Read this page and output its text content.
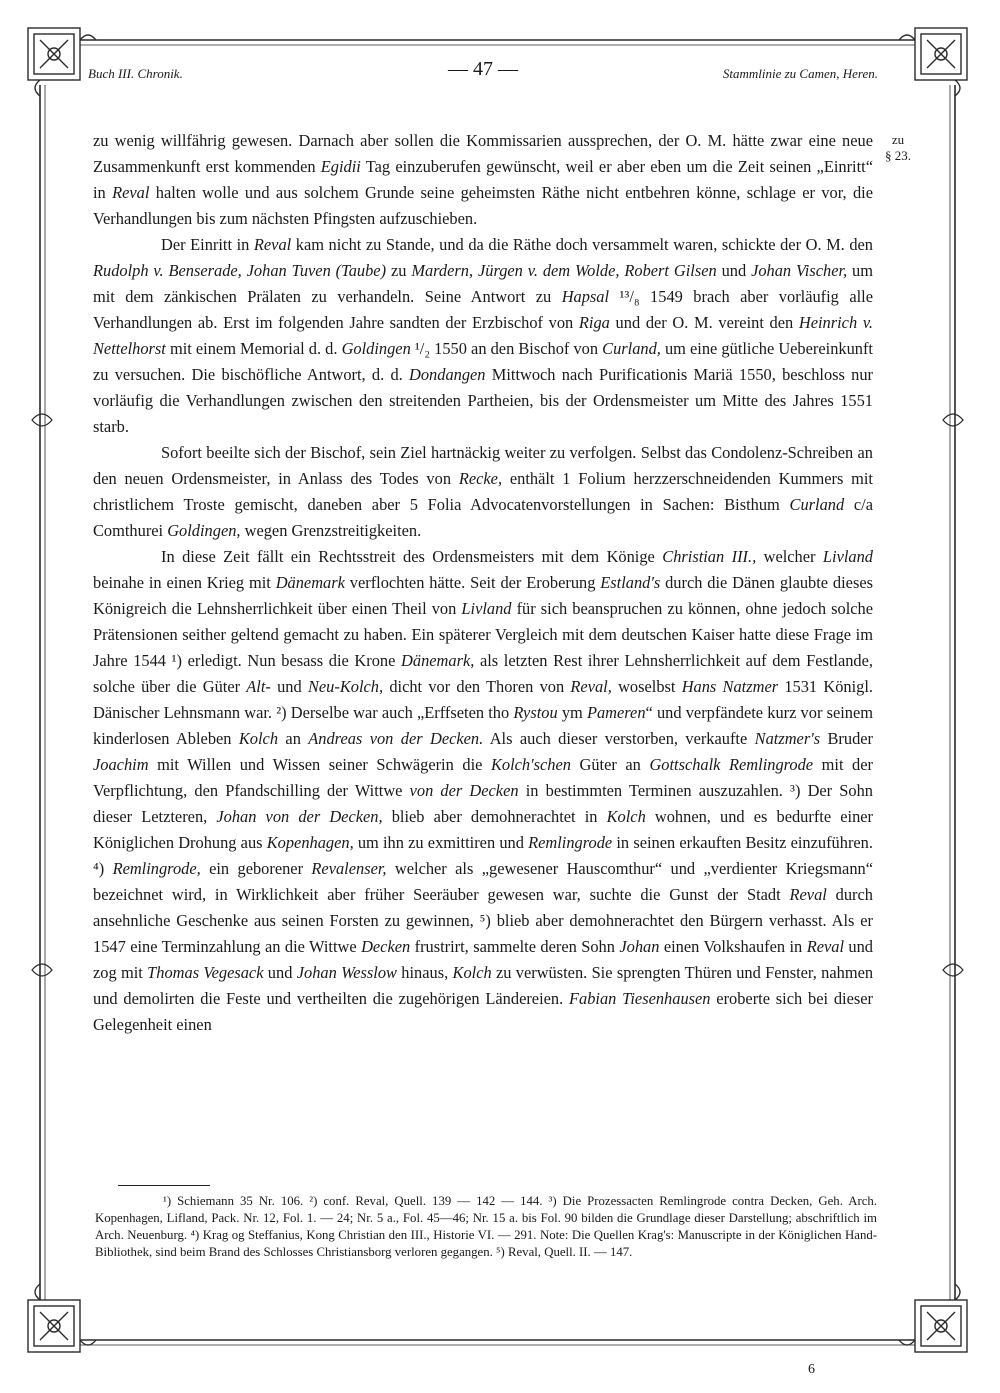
Buch III. Chronik.	— 47 —	Stammlinie zu Camen, Heren.
zu
§ 23.

zu wenig willfährig gewesen. Darnach aber sollen die Kommissarien aussprechen, der O. M. hätte zwar eine neue Zusammenkunft erst kommenden Egidii Tag einzuberufen gewünscht, weil er aber eben um die Zeit seinen „Einritt“ in Reval halten wolle und aus solchem Grunde seine geheimsten Räthe nicht entbehren könne, schlage er vor, die Verhandlungen bis zum nächsten Pfingsten aufzuschieben.

Der Einritt in Reval kam nicht zu Stande, und da die Räthe doch versammelt waren, schickte der O. M. den Rudolph v. Benserade, Johan Tuven (Taube) zu Mardern, Jürgen v. dem Wolde, Robert Gilsen und Johan Vischer, um mit dem zänkischen Prälaten zu verhandeln. Seine Antwort zu Hapsal ¹³/₈ 1549 brach aber vorläufig alle Verhandlungen ab. Erst im folgenden Jahre sandten der Erzbischof von Riga und der O. M. vereint den Heinrich v. Nettelhorst mit einem Memorial d. d. Goldingen ¹/₂ 1550 an den Bischof von Curland, um eine gütliche Uebereinkunft zu versuchen. Die bischöfliche Antwort, d. d. Dondangen Mittwoch nach Purificationis Mariä 1550, beschloss nur vorläufig die Verhandlungen zwischen den streitenden Partheien, bis der Ordensmeister um Mitte des Jahres 1551 starb.

Sofort beeilte sich der Bischof, sein Ziel hartnäckig weiter zu verfolgen. Selbst das Condolenz-Schreiben an den neuen Ordensmeister, in Anlass des Todes von Recke, enthält 1 Folium herzzerschneidenden Kummers mit christlichem Troste gemischt, daneben aber 5 Folia Advocatenvorstellungen in Sachen: Bisthum Curland c/a Comthurei Goldingen, wegen Grenzstreitigkeiten.

In diese Zeit fällt ein Rechtsstreit des Ordensmeisters mit dem Könige Christian III., welcher Livland beinahe in einen Krieg mit Dänemark verflochten hätte. Seit der Eroberung Estland's durch die Dänen glaubte dieses Königreich die Lehnsherrlichkeit über einen Theil von Livland für sich beanspruchen zu können, ohne jedoch solche Prätensionen seither geltend gemacht zu haben. Ein späterer Vergleich mit dem deutschen Kaiser hatte diese Frage im Jahre 1544 ¹) erledigt. Nun besass die Krone Dänemark, als letzten Rest ihrer Lehnsherrlichkeit auf dem Festlande, solche über die Güter Alt- und Neu-Kolch, dicht vor den Thoren von Reval, woselbst Hans Natzmer 1531 Königl. Dänischer Lehnsmann war. ²) Derselbe war auch „Erffseten tho Rystou ym Pameren“ und verpfändete kurz vor seinem kinderlosen Ableben Kolch an Andreas von der Decken. Als auch dieser verstorben, verkaufte Natzmer's Bruder Joachim mit Willen und Wissen seiner Schwägerin die Kolch'schen Güter an Gottschalk Remlingrode mit der Verpflichtung, den Pfandschilling der Wittwe von der Decken in bestimmten Terminen auszuzahlen. ³) Der Sohn dieser Letzteren, Johan von der Decken, blieb aber demohnerachtet in Kolch wohnen, und es bedurfte einer Königlichen Drohung aus Kopenhagen, um ihn zu exmittiren und Remlingrode in seinen erkauften Besitz einzuführen. ⁴) Remlingrode, ein geborener Revalenser, welcher als „gewesener Hauscomthur“ und „verdienter Kriegsmann“ bezeichnet wird, in Wirklichkeit aber früher Seeräuber gewesen war, suchte die Gunst der Stadt Reval durch ansehnliche Geschenke aus seinen Forsten zu gewinnen, ⁵) blieb aber demohnerachtet den Bürgern verhasst. Als er 1547 eine Terminzahlung an die Wittwe Decken frustrirt, sammelte deren Sohn Johan einen Volkshaufen in Reval und zog mit Thomas Vegesack und Johan Wesslow hinaus, Kolch zu verwüsten. Sie sprengten Thüren und Fenster, nahmen und demolirten die Feste und vertheilten die zugehörigen Ländereien. Fabian Tiesenhausen eroberte sich bei dieser Gelegenheit einen

¹) Schiemann 35 Nr. 106. ²) conf. Reval, Quell. 139 — 142 — 144. ³) Die Prozessacten Remlingrode contra Decken, Geh. Arch. Kopenhagen, Lifland, Pack. Nr. 12, Fol. 1. — 24; Nr. 5 a., Fol. 45—46; Nr. 15 a. bis Fol. 90 bilden die Grundlage dieser Darstellung; abschriftlich im Arch. Neuenburg. ⁴) Krag og Steffanius, Kong Christian den III., Historie VI. — 291. Note: Die Quellen Krag's: Manuscripte in der Königlichen Hand-Bibliothek, sind beim Brand des Schlosses Christiansborg verloren gegangen. ⁵) Reval, Quell. II. — 147.

6
